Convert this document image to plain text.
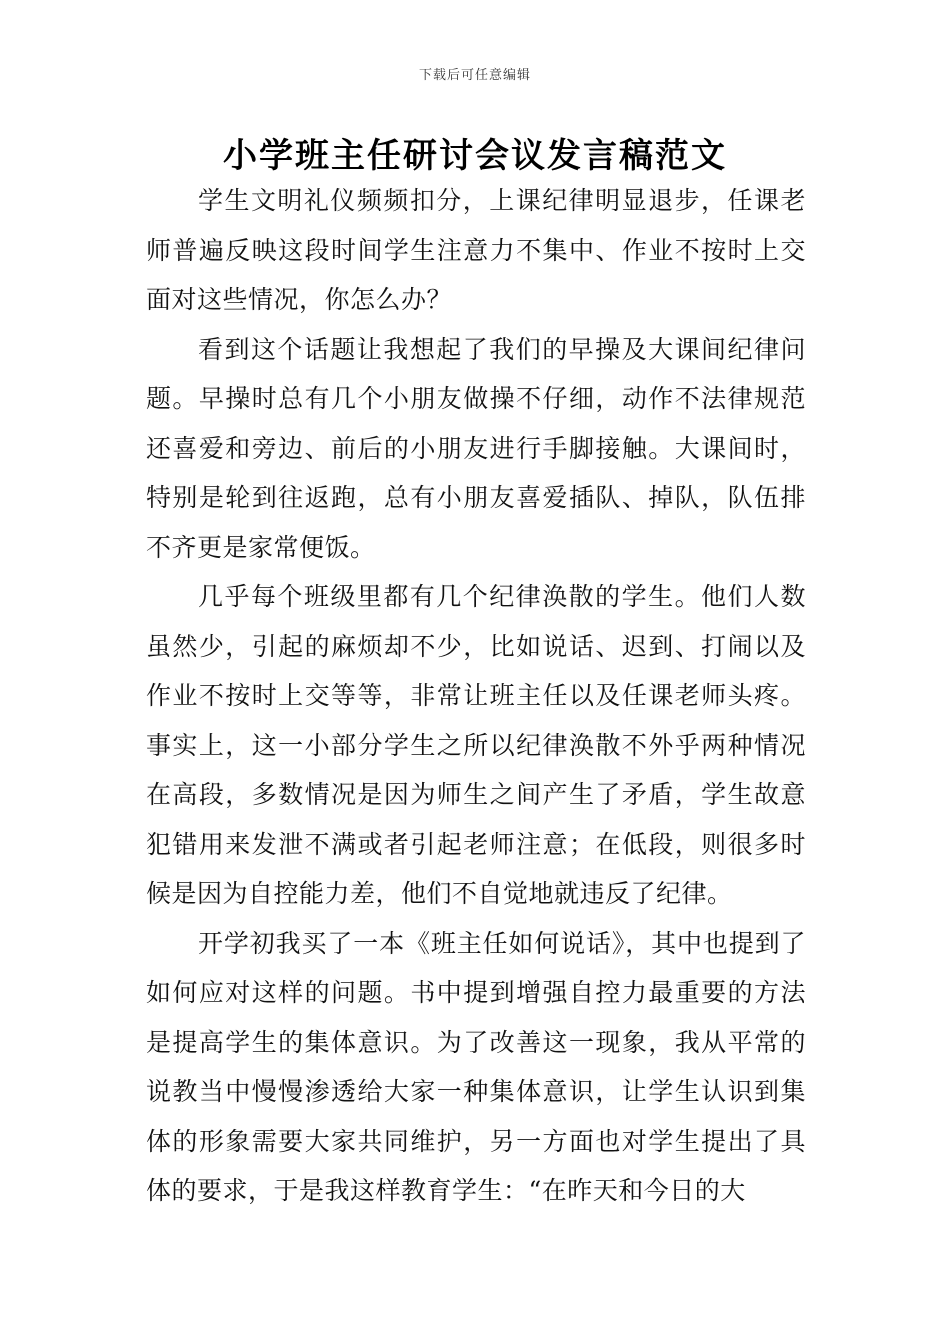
下载后可任意编辑
小学班主任研讨会议发言稿范文

学生文明礼仪频频扣分，上课纪律明显退步，任课老师普遍反映这段时间学生注意力不集中、作业不按时上交面对这些情况，你怎么办？

看到这个话题让我想起了我们的早操及大课间纪律问题。早操时总有几个小朋友做操不仔细，动作不法律规范还喜爱和旁边、前后的小朋友进行手脚接触。大课间时，特别是轮到往返跑，总有小朋友喜爱插队、掉队，队伍排不齐更是家常便饭。

几乎每个班级里都有几个纪律涣散的学生。他们人数虽然少，引起的麻烦却不少，比如说话、迟到、打闹以及作业不按时上交等等，非常让班主任以及任课老师头疼。事实上，这一小部分学生之所以纪律涣散不外乎两种情况在高段，多数情况是因为师生之间产生了矛盾，学生故意犯错用来发泄不满或者引起老师注意；在低段，则很多时候是因为自控能力差，他们不自觉地就违反了纪律。

开学初我买了一本《班主任如何说话》，其中也提到了如何应对这样的问题。书中提到增强自控力最重要的方法是提高学生的集体意识。为了改善这一现象，我从平常的说教当中慢慢渗透给大家一种集体意识，让学生认识到集体的形象需要大家共同维护，另一方面也对学生提出了具体的要求，于是我这样教育学生：“在昨天和今日的大
